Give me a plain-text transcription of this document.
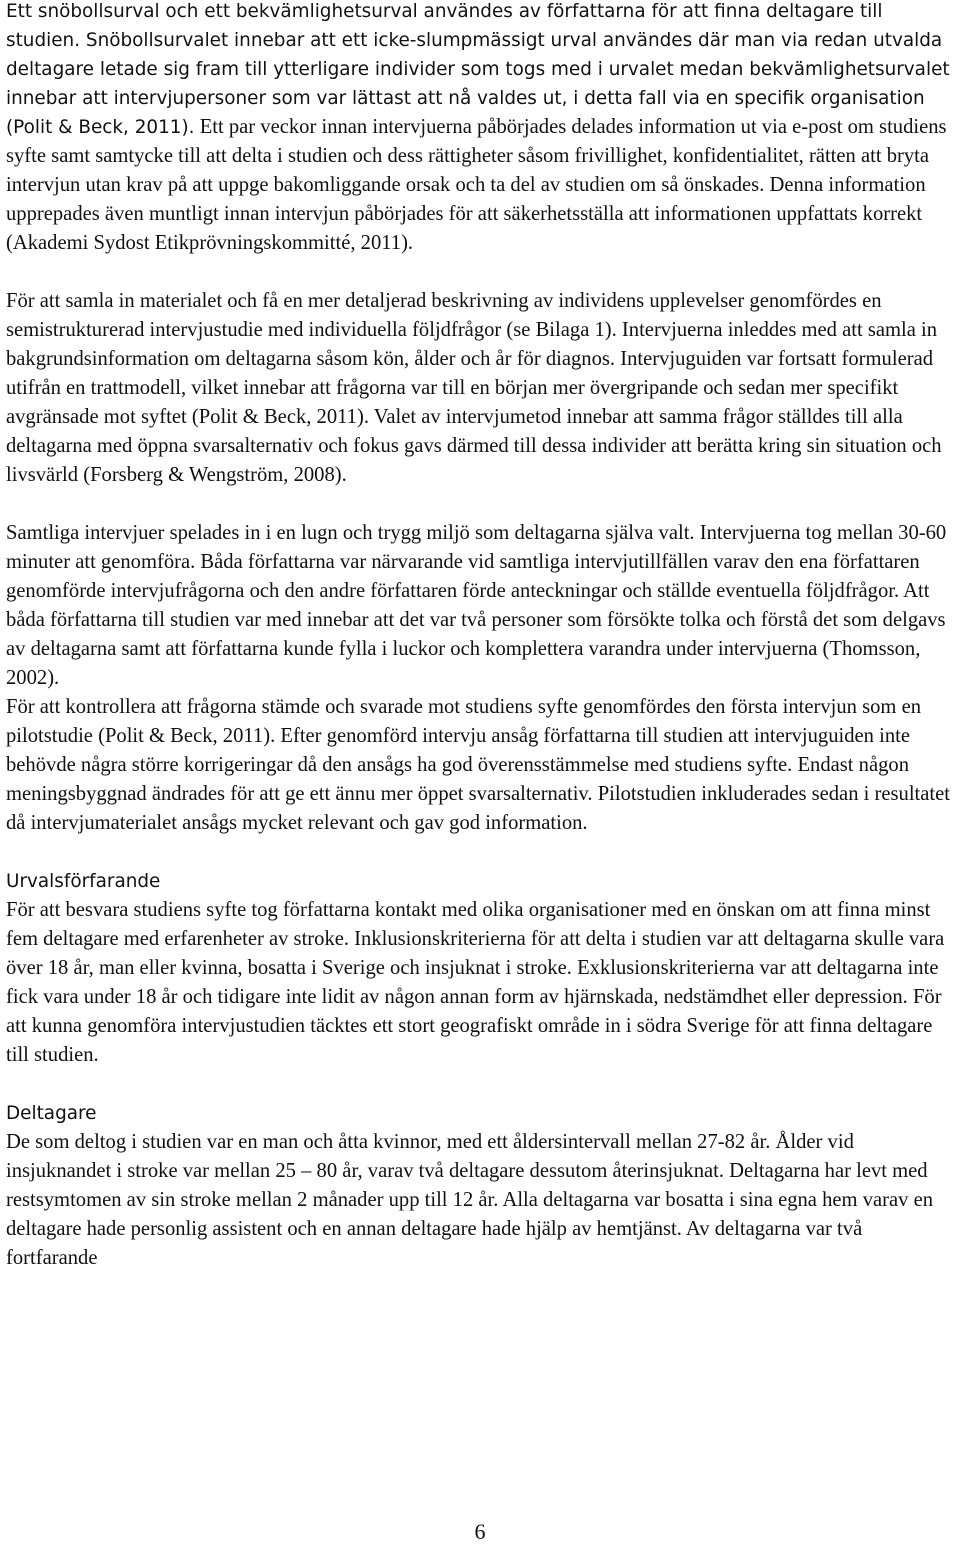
Ett snöbollsurval och ett bekvämlighetsurval användes av författarna för att finna deltagare till studien. Snöbollsurvalet innebar att ett icke-slumpmässigt urval användes där man via redan utvalda deltagare letade sig fram till ytterligare individer som togs med i urvalet medan bekvämlighetsurvalet innebar att intervjupersoner som var lättast att nå valdes ut, i detta fall via en specifik organisation (Polit & Beck, 2011). Ett par veckor innan intervjuerna påbörjades delades information ut via e-post om studiens syfte samt samtycke till att delta i studien och dess rättigheter såsom frivillighet, konfidentialitet, rätten att bryta intervjun utan krav på att uppge bakomliggande orsak och ta del av studien om så önskades. Denna information upprepades även muntligt innan intervjun påbörjades för att säkerhetsställa att informationen uppfattats korrekt (Akademi Sydost Etikprövningskommitté, 2011).

För att samla in materialet och få en mer detaljerad beskrivning av individens upplevelser genomfördes en semistrukturerad intervjustudie med individuella följdfrågor (se Bilaga 1). Intervjuerna inleddes med att samla in bakgrundsinformation om deltagarna såsom kön, ålder och år för diagnos. Intervjuguiden var fortsatt formulerad utifrån en trattmodell, vilket innebar att frågorna var till en början mer övergripande och sedan mer specifikt avgränsade mot syftet (Polit & Beck, 2011). Valet av intervjumetod innebar att samma frågor ställdes till alla deltagarna med öppna svarsalternativ och fokus gavs därmed till dessa individer att berätta kring sin situation och livsvärld (Forsberg & Wengström, 2008).

Samtliga intervjuer spelades in i en lugn och trygg miljö som deltagarna själva valt. Intervjuerna tog mellan 30-60 minuter att genomföra. Båda författarna var närvarande vid samtliga intervjutillfällen varav den ena författaren genomförde intervjufrågorna och den andre författaren förde anteckningar och ställde eventuella följdfrågor. Att båda författarna till studien var med innebar att det var två personer som försökte tolka och förstå det som delgavs av deltagarna samt att författarna kunde fylla i luckor och komplettera varandra under intervjuerna (Thomsson, 2002).

För att kontrollera att frågorna stämde och svarade mot studiens syfte genomfördes den första intervjun som en pilotstudie (Polit & Beck, 2011). Efter genomförd intervju ansåg författarna till studien att intervjuguiden inte behövde några större korrigeringar då den ansågs ha god överensstämmelse med studiens syfte. Endast någon meningsbyggnad ändrades för att ge ett ännu mer öppet svarsalternativ. Pilotstudien inkluderades sedan i resultatet då intervjumaterialet ansågs mycket relevant och gav god information.

Urvalsförfarande

För att besvara studiens syfte tog författarna kontakt med olika organisationer med en önskan om att finna minst fem deltagare med erfarenheter av stroke. Inklusionskriterierna för att delta i studien var att deltagarna skulle vara över 18 år, man eller kvinna, bosatta i Sverige och insjuknat i stroke. Exklusionskriterierna var att deltagarna inte fick vara under 18 år och tidigare inte lidit av någon annan form av hjärnskada, nedstämdhet eller depression. För att kunna genomföra intervjustudien täcktes ett stort geografiskt område in i södra Sverige för att finna deltagare till studien.

Deltagare

De som deltog i studien var en man och åtta kvinnor, med ett åldersintervall mellan 27-82 år. Ålder vid insjuknandet i stroke var mellan 25 – 80 år, varav två deltagare dessutom återinsjuknat. Deltagarna har levt med restsymtomen av sin stroke mellan 2 månader upp till 12 år. Alla deltagarna var bosatta i sina egna hem varav en deltagare hade personlig assistent och en annan deltagare hade hjälp av hemtjänst. Av deltagarna var två fortfarande

6
